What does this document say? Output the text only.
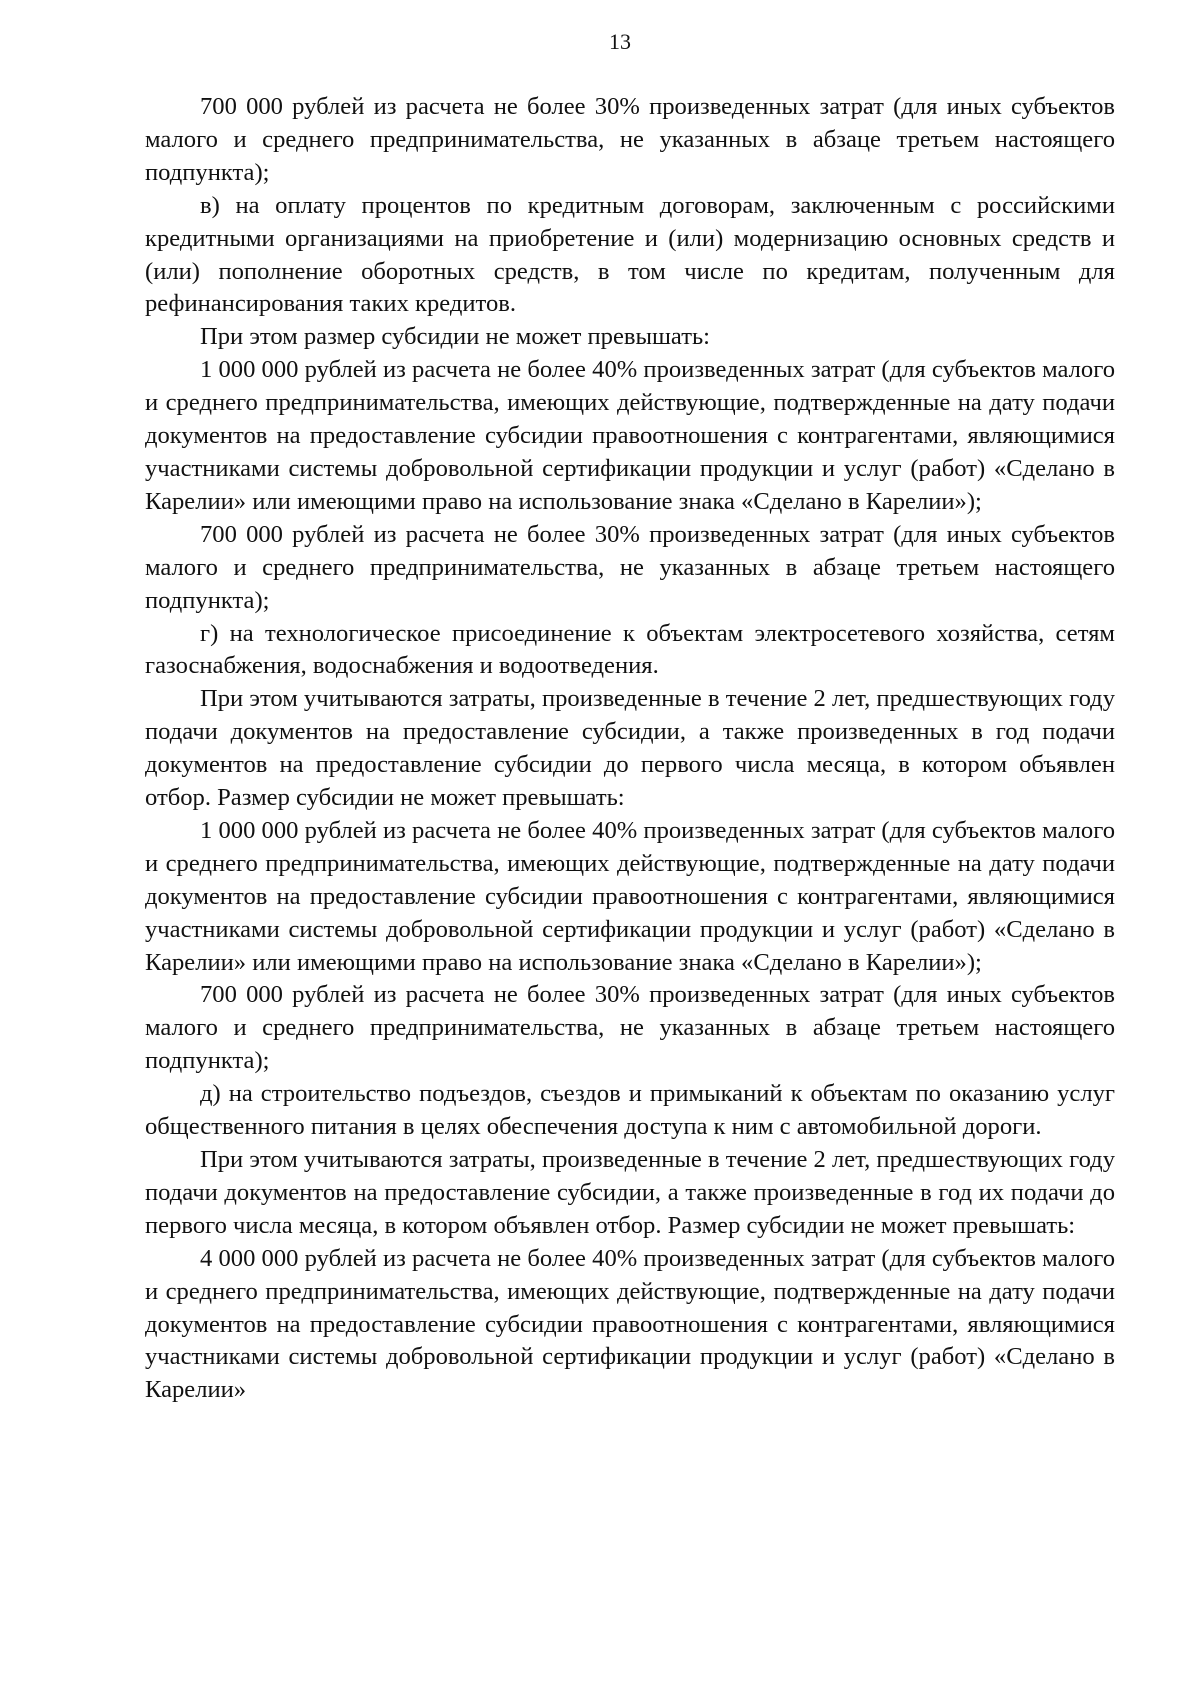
13

700 000 рублей из расчета не более 30% произведенных затрат (для иных субъектов малого и среднего предпринимательства, не указанных в абзаце третьем настоящего подпункта);

в) на оплату процентов по кредитным договорам, заключенным с российскими кредитными организациями на приобретение и (или) модернизацию основных средств и (или) пополнение оборотных средств, в том числе по кредитам, полученным для рефинансирования таких кредитов.

При этом размер субсидии не может превышать:

1 000 000 рублей из расчета не более 40% произведенных затрат (для субъектов малого и среднего предпринимательства, имеющих действующие, подтвержденные на дату подачи документов на предоставление субсидии правоотношения с контрагентами, являющимися участниками системы добровольной сертификации продукции и услуг (работ) «Сделано в Карелии» или имеющими право на использование знака «Сделано в Карелии»);

700 000 рублей из расчета не более 30% произведенных затрат (для иных субъектов малого и среднего предпринимательства, не указанных в абзаце третьем настоящего подпункта);

г) на технологическое присоединение к объектам электросетевого хозяйства, сетям газоснабжения, водоснабжения и водоотведения.

При этом учитываются затраты, произведенные в течение 2 лет, предшествующих году подачи документов на предоставление субсидии, а также произведенных в год подачи документов на предоставление субсидии до первого числа месяца, в котором объявлен отбор. Размер субсидии не может превышать:

1 000 000 рублей из расчета не более 40% произведенных затрат (для субъектов малого и среднего предпринимательства, имеющих действующие, подтвержденные на дату подачи документов на предоставление субсидии правоотношения с контрагентами, являющимися участниками системы добровольной сертификации продукции и услуг (работ) «Сделано в Карелии» или имеющими право на использование знака «Сделано в Карелии»);

700 000 рублей из расчета не более 30% произведенных затрат (для иных субъектов малого и среднего предпринимательства, не указанных в абзаце третьем настоящего подпункта);

д) на строительство подъездов, съездов и примыканий к объектам по оказанию услуг общественного питания в целях обеспечения доступа к ним с автомобильной дороги.

При этом учитываются затраты, произведенные в течение 2 лет, предшествующих году подачи документов на предоставление субсидии, а также произведенные в год их подачи до первого числа месяца, в котором объявлен отбор. Размер субсидии не может превышать:

4 000 000 рублей из расчета не более 40% произведенных затрат (для субъектов малого и среднего предпринимательства, имеющих действующие, подтвержденные на дату подачи документов на предоставление субсидии правоотношения с контрагентами, являющимися участниками системы добровольной сертификации продукции и услуг (работ) «Сделано в Карелии»
